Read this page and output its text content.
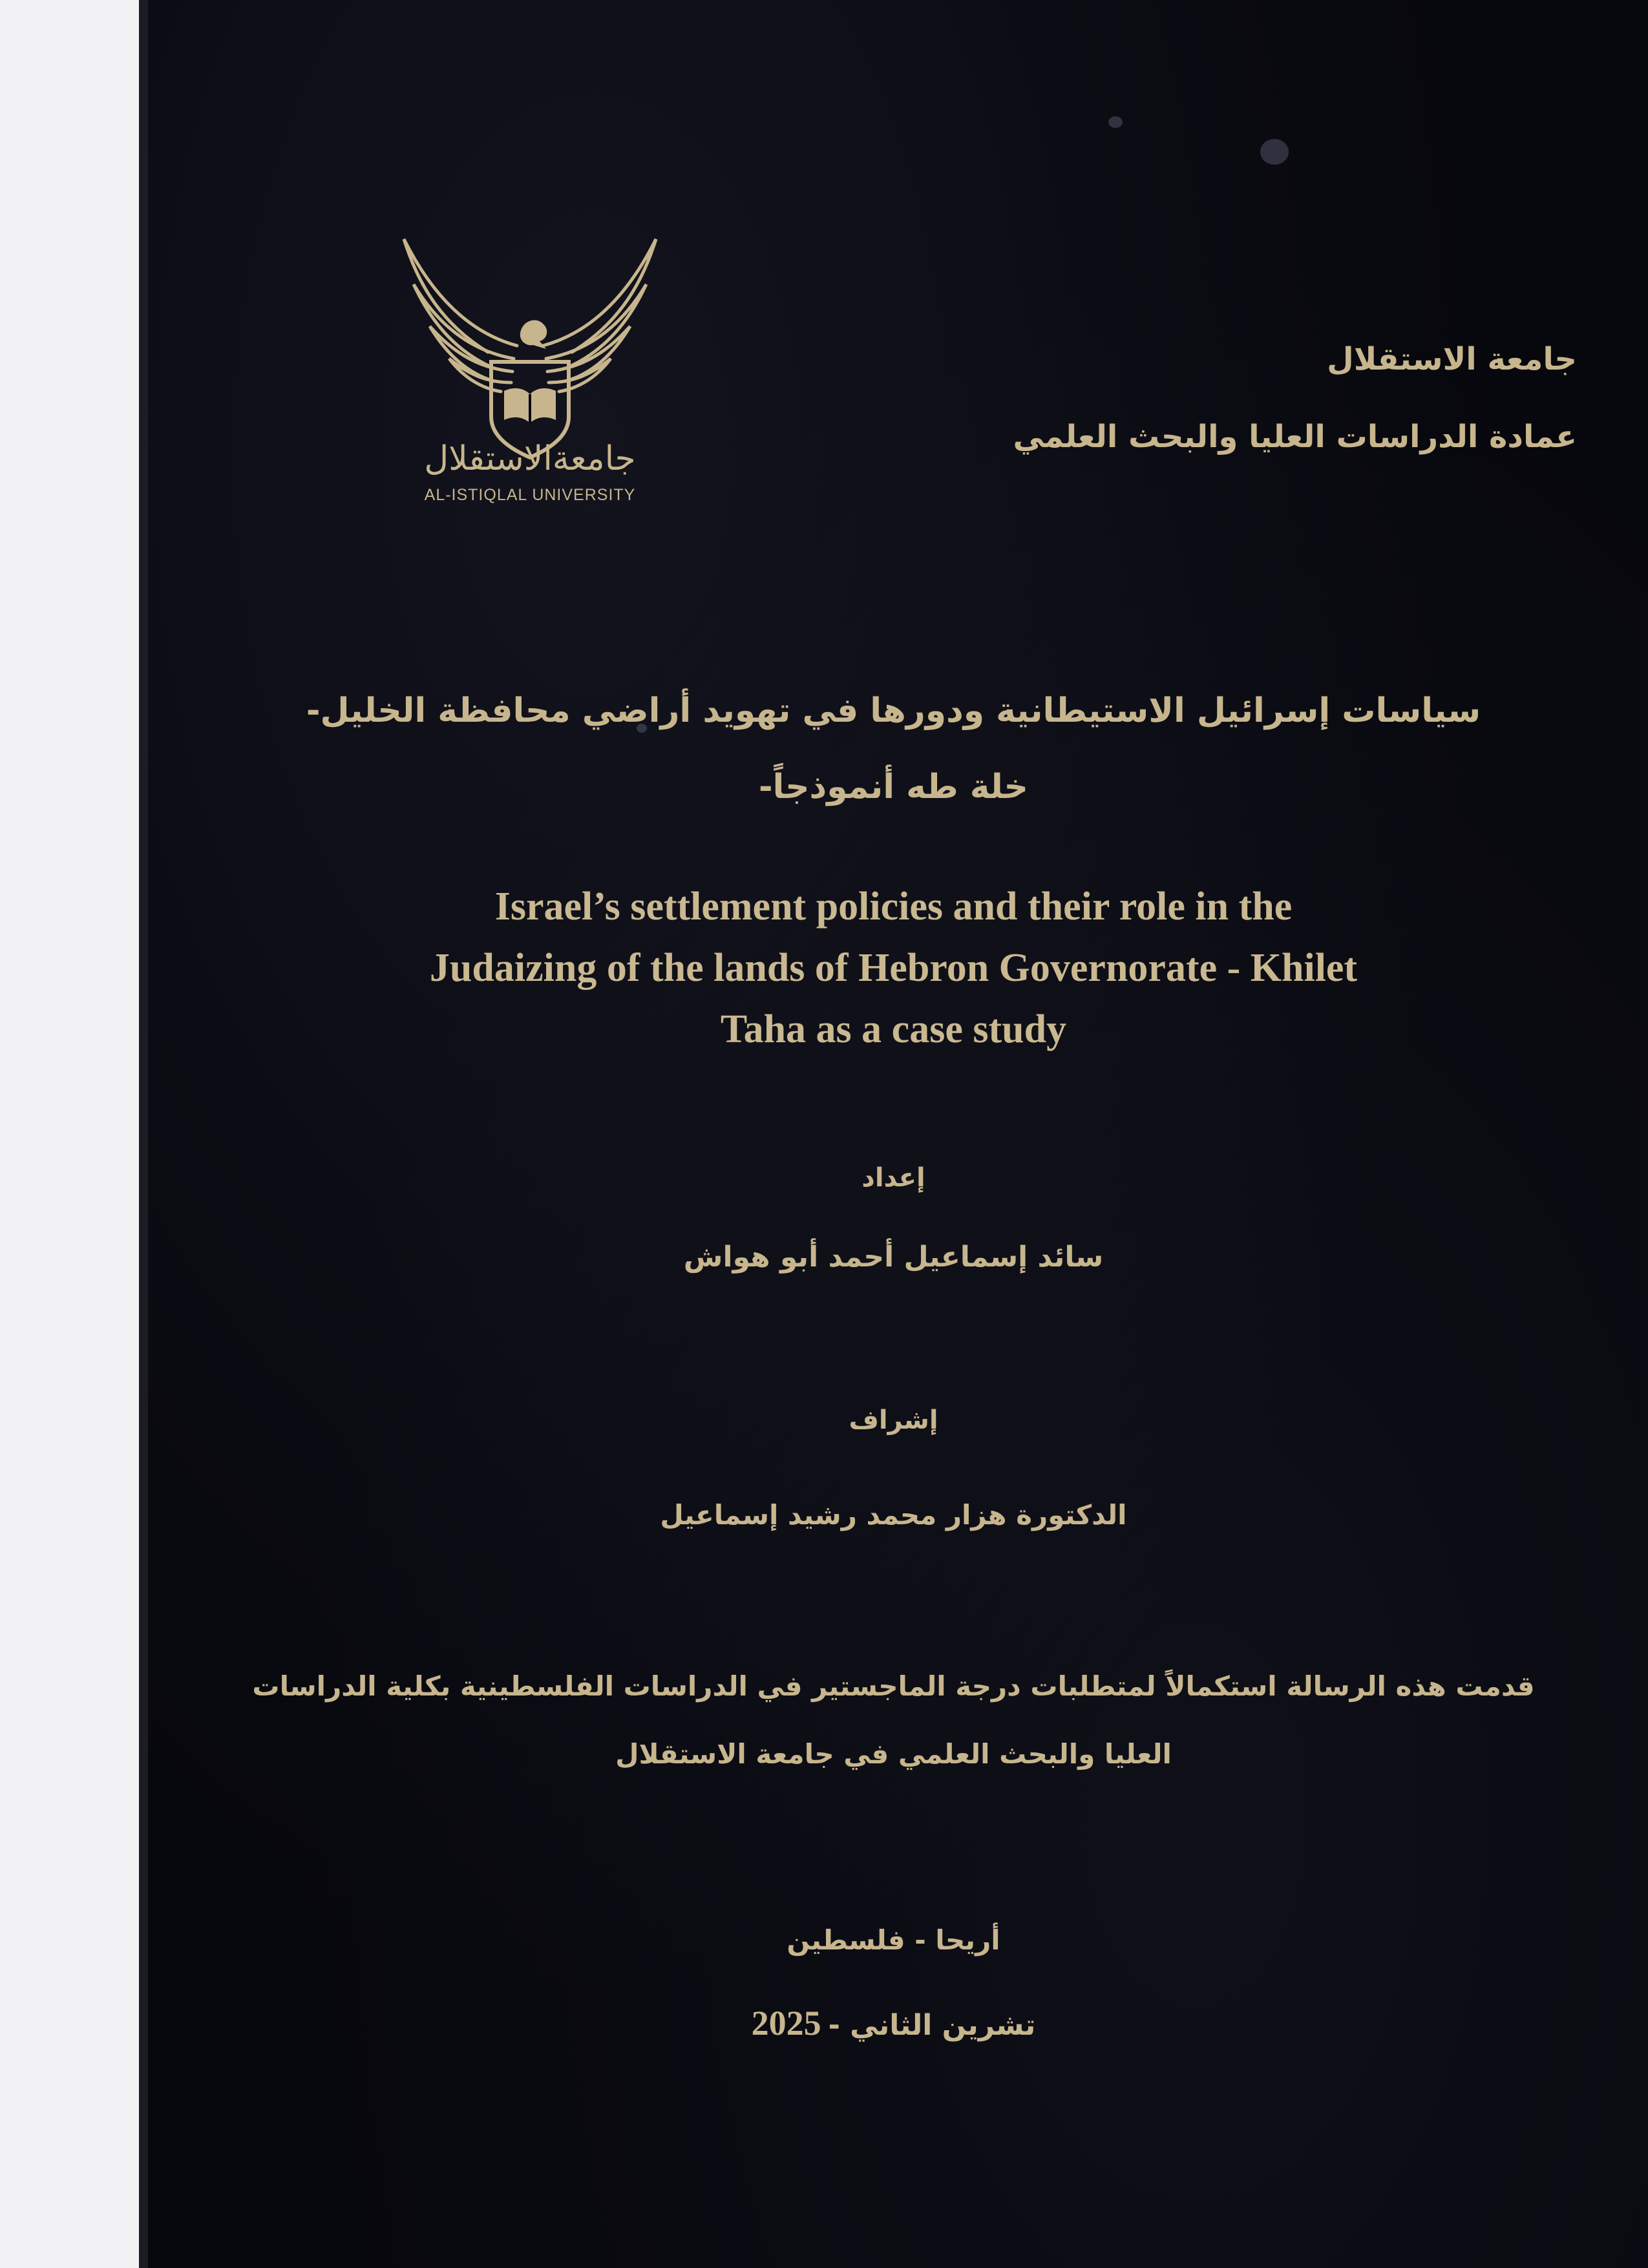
جامعةالاستقلال

AL-ISTIQLAL UNIVERSITY

جامعة الاستقلال

عمادة الدراسات العليا والبحث العلمي

سياسات إسرائيل الاستيطانية ودورها في تهويد أراضي محافظة الخليل-

خلة طه أنموذجاً-

Israel’s settlement policies and their role in the

Judaizing of the lands of Hebron Governorate - Khilet

Taha as a case study

إعداد

سائد إسماعيل أحمد أبو هواش

إشراف

الدكتورة هزار محمد رشيد إسماعيل

قدمت هذه الرسالة استكمالاً لمتطلبات درجة الماجستير في الدراسات الفلسطينية بكلية الدراسات

العليا والبحث العلمي في جامعة الاستقلال

أريحا - فلسطين

2025 تشرين الثاني -
